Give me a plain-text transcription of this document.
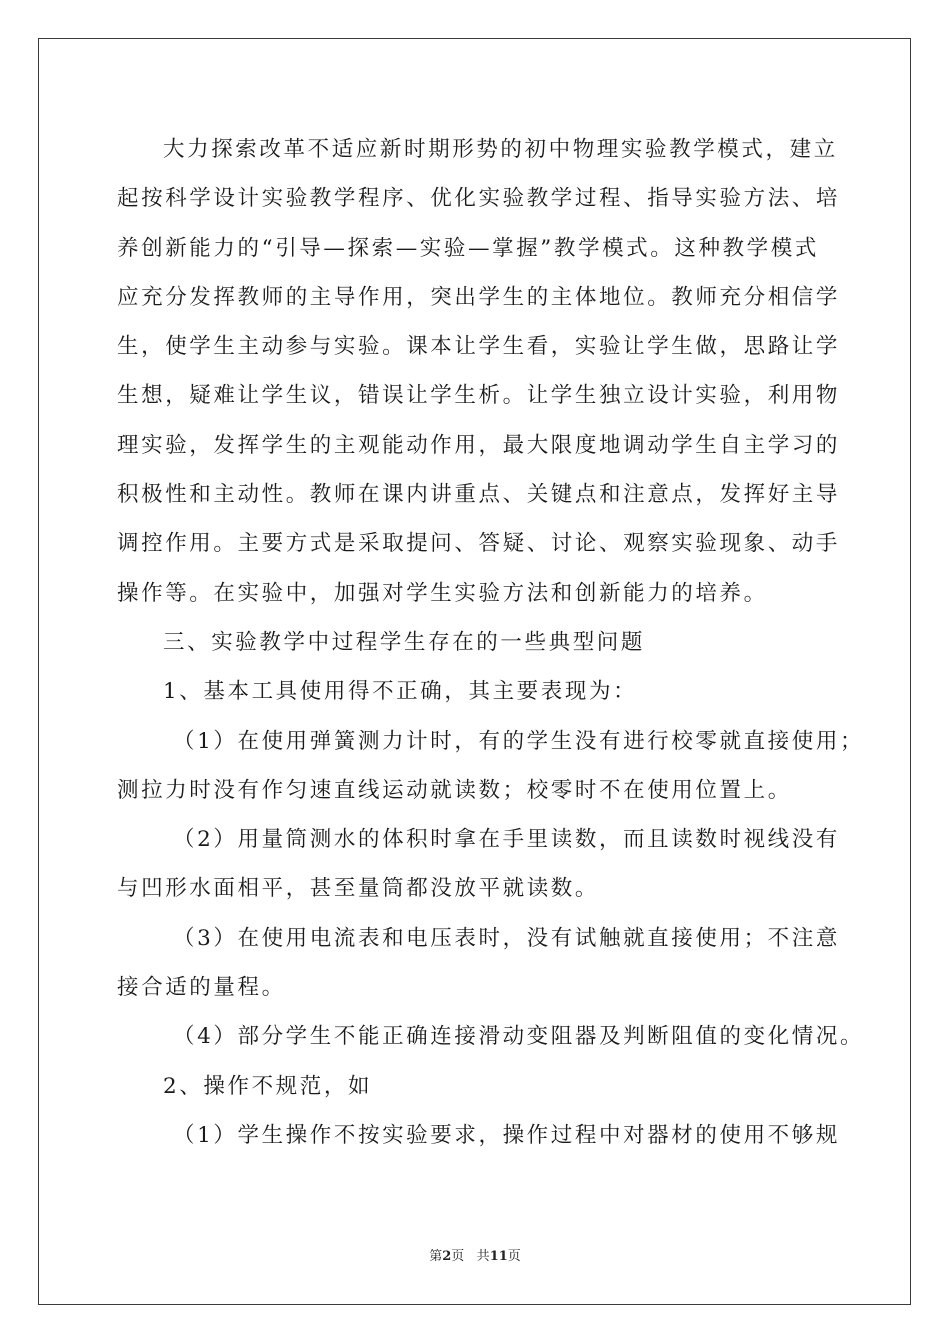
大力探索改革不适应新时期形势的初中物理实验教学模式，建立
起按科学设计实验教学程序、优化实验教学过程、指导实验方法、培
养创新能力的“引导—探索—实验—掌握”教学模式。这种教学模式
应充分发挥教师的主导作用，突出学生的主体地位。教师充分相信学
生，使学生主动参与实验。课本让学生看，实验让学生做，思路让学
生想，疑难让学生议，错误让学生析。让学生独立设计实验，利用物
理实验，发挥学生的主观能动作用，最大限度地调动学生自主学习的
积极性和主动性。教师在课内讲重点、关键点和注意点，发挥好主导
调控作用。主要方式是采取提问、答疑、讨论、观察实验现象、动手
操作等。在实验中，加强对学生实验方法和创新能力的培养。
三、实验教学中过程学生存在的一些典型问题
1、基本工具使用得不正确，其主要表现为：
（1）在使用弹簧测力计时，有的学生没有进行校零就直接使用；
测拉力时没有作匀速直线运动就读数；校零时不在使用位置上。
（2）用量筒测水的体积时拿在手里读数，而且读数时视线没有
与凹形水面相平，甚至量筒都没放平就读数。
（3）在使用电流表和电压表时，没有试触就直接使用；不注意
接合适的量程。
（4）部分学生不能正确连接滑动变阻器及判断阻值的变化情况。
2、操作不规范，如
（1）学生操作不按实验要求，操作过程中对器材的使用不够规
第2页 共11页
